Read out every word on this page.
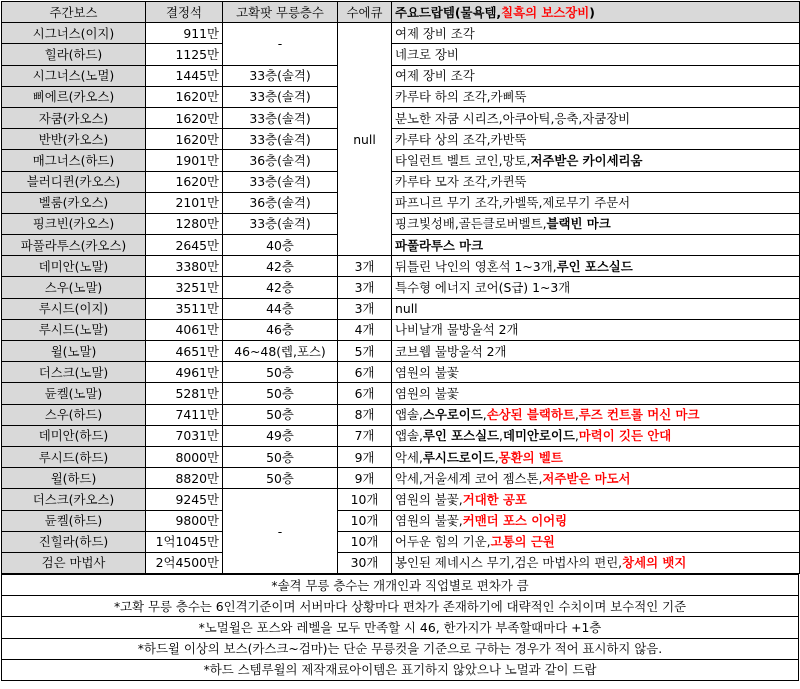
주간보스	결정석	고확팟 무릉층수	수에큐	주요드랍템(물욕템,칠흑의 보스장비)
시그너스(이지)	911만	-	null	여제 장비 조각
힐라(하드)	1125만			네크로 장비
시그너스(노멀)	1445만	33층(솔격)		여제 장비 조각
삐에르(카오스)	1620만	33층(솔격)		카루타 하의 조각,카삐뚝
자쿰(카오스)	1620만	33층(솔격)		분노한 자쿰 시리즈,아쿠아틱,응축,자쿰장비
반반(카오스)	1620만	33층(솔격)		카루타 상의 조각,카반뚝
매그너스(하드)	1901만	36층(솔격)		타일런트 벨트 코인,망토,저주받은 카이세리움
블러디퀸(카오스)	1620만	33층(솔격)		카루타 모자 조각,카퀸뚝
벨룸(카오스)	2101만	36층(솔격)		파프니르 무기 조각,카벨뚝,제로무기 주문서
핑크빈(카오스)	1280만	33층(솔격)		핑크빛성배,골든클로버벨트,블랙빈 마크
파풀라투스(카오스)	2645만	40층		파풀라투스 마크
데미안(노말)	3380만	42층	3개	뒤틀린 낙인의 영혼석 1~3개,루인 포스실드
스우(노말)	3251만	42층	3개	특수형 에너지 코어(S급) 1~3개
루시드(이지)	3511만	44층	3개	null
루시드(노말)	4061만	46층	4개	나비날개 물방울석 2개
윌(노말)	4651만	46~48(렙,포스)	5개	코브웹 물방울석 2개
더스크(노말)	4961만	50층	6개	염원의 불꽃
듄켈(노말)	5281만	50층	6개	염원의 불꽃
스우(하드)	7411만	50층	8개	앱솔,스우로이드,손상된 블랙하트,루즈 컨트롤 머신 마크
데미안(하드)	7031만	49층	7개	앱솔,루인 포스실드,데미안로이드,마력이 깃든 안대
루시드(하드)	8000만	50층	9개	악세,루시드로이드,몽환의 벨트
윌(하드)	8820만	50층	9개	악세,거울세계 코어 젬스톤,저주받은 마도서
더스크(카오스)	9245만	-	10개	염원의 불꽃,거대한 공포
듄켈(하드)	9800만		10개	염원의 불꽃,커맨더 포스 이어링
진힐라(하드)	1억1045만		10개	어두운 힘의 기운,고통의 근원
검은 마법사	2억4500만		30개	봉인된 제네시스 무기,검은 마법사의 편린,창세의 뱃지
*솔격 무릉 층수는 개개인과 직업별로 편차가 큼
*고확 무릉 층수는 6인격기준이며 서버마다 상황마다 편차가 존재하기에 대략적인 수치이며 보수적인 기준
*노멀윌은 포스와 레벨을 모두 만족할 시 46, 한가지가 부족할때마다 +1층
*하드윌 이상의 보스(카스크~검마)는 단순 무릉컷을 기준으로 구하는 경우가 적어 표시하지 않음.
*하드 스템루윌의 제작재료아이템은 표기하지 않았으나 노멀과 같이 드랍
